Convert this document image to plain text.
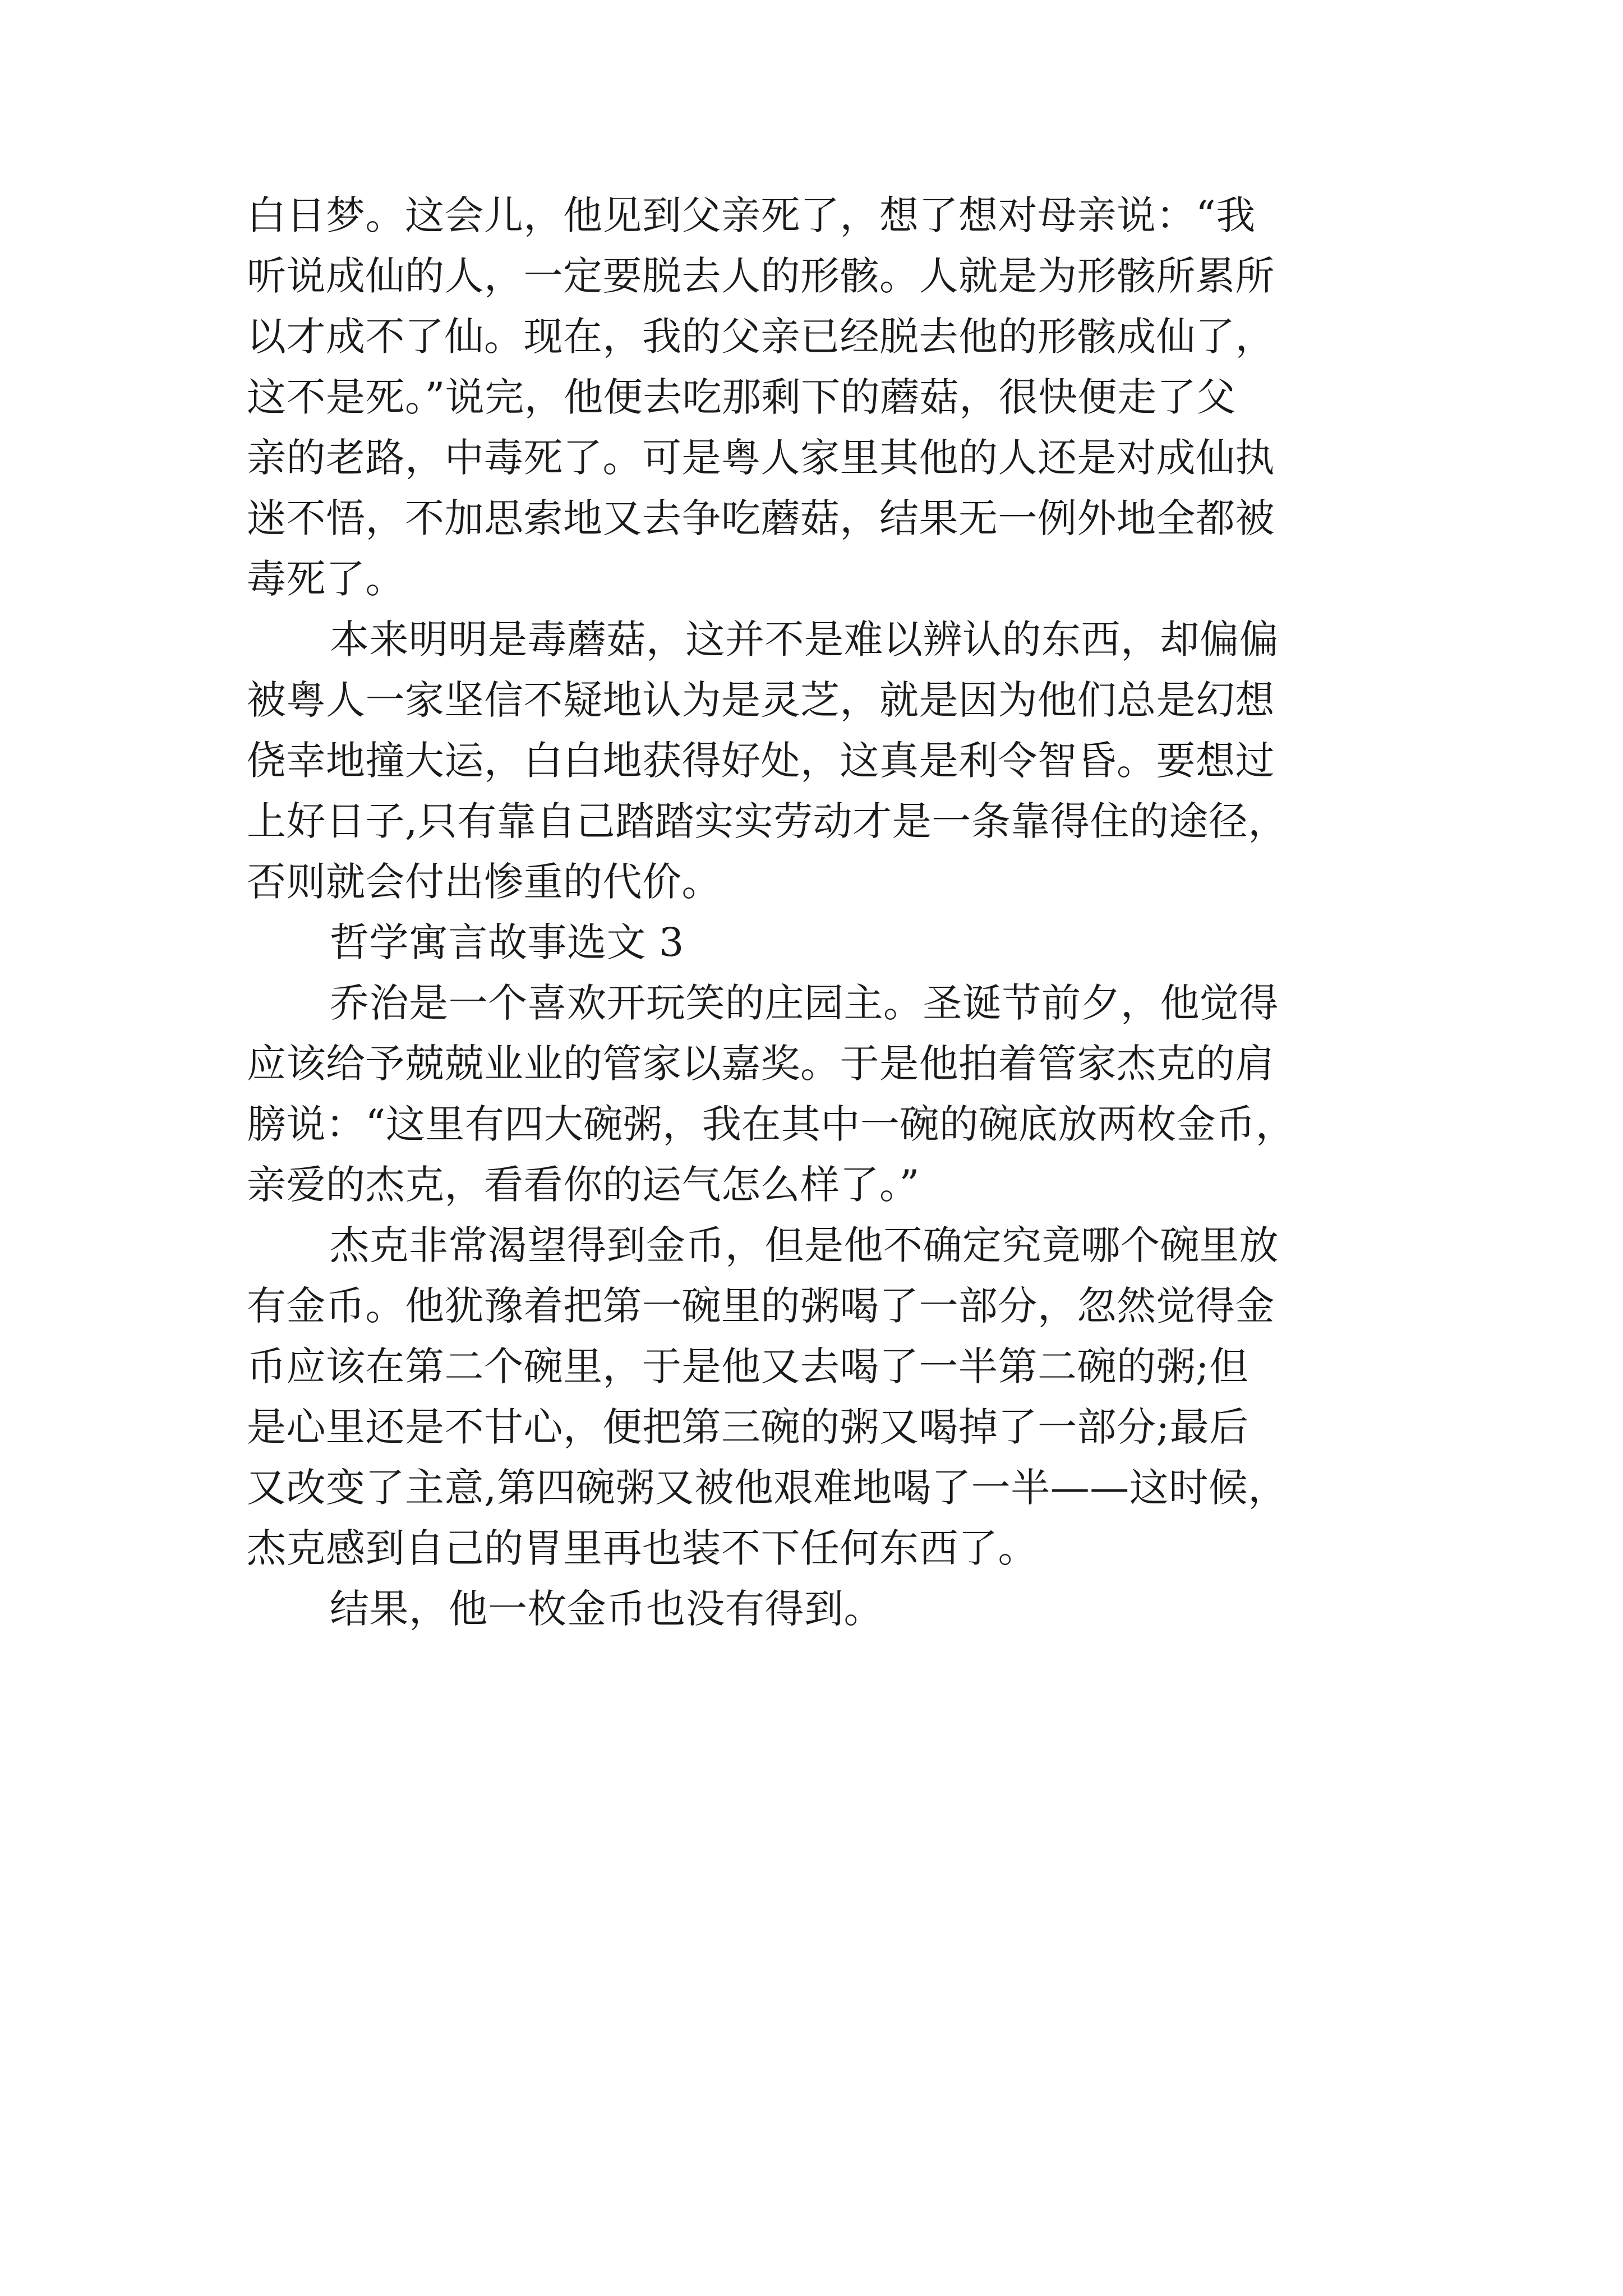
白日梦。这会儿，他见到父亲死了，想了想对母亲说：“我
听说成仙的人，一定要脱去人的形骸。人就是为形骸所累所
以才成不了仙。现在，我的父亲已经脱去他的形骸成仙了，
这不是死。”说完，他便去吃那剩下的蘑菇，很快便走了父
亲的老路，中毒死了。可是粤人家里其他的人还是对成仙执
迷不悟，不加思索地又去争吃蘑菇，结果无一例外地全都被
毒死了。
本来明明是毒蘑菇，这并不是难以辨认的东西，却偏偏
被粤人一家坚信不疑地认为是灵芝，就是因为他们总是幻想
侥幸地撞大运，白白地获得好处，这真是利令智昏。要想过
上好日子,只有靠自己踏踏实实劳动才是一条靠得住的途径，
否则就会付出惨重的代价。
哲学寓言故事选文 3
乔治是一个喜欢开玩笑的庄园主。圣诞节前夕，他觉得
应该给予兢兢业业的管家以嘉奖。于是他拍着管家杰克的肩
膀说：“这里有四大碗粥，我在其中一碗的碗底放两枚金币，
亲爱的杰克，看看你的运气怎么样了。”
杰克非常渴望得到金币，但是他不确定究竟哪个碗里放
有金币。他犹豫着把第一碗里的粥喝了一部分，忽然觉得金
币应该在第二个碗里，于是他又去喝了一半第二碗的粥;但
是心里还是不甘心，便把第三碗的粥又喝掉了一部分;最后
又改变了主意,第四碗粥又被他艰难地喝了一半——这时候，
杰克感到自己的胃里再也装不下任何东西了。
结果，他一枚金币也没有得到。
